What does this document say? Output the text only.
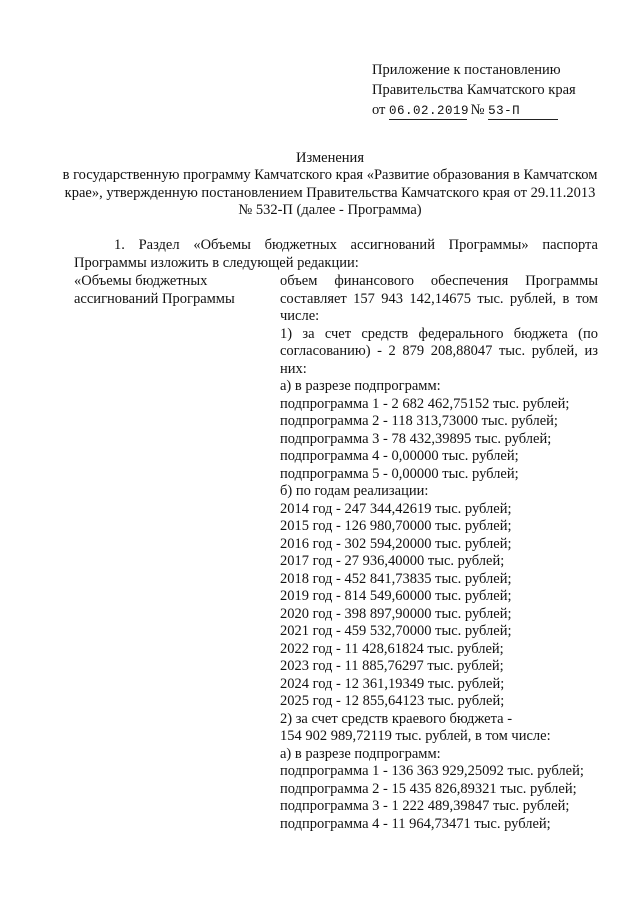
Приложение к постановлению
Правительства Камчатского края
от 06.02.2019 № 53-П
Изменения
в государственную программу Камчатского края «Развитие образования в Камчатском крае», утвержденную постановлением Правительства Камчатского края от 29.11.2013 № 532-П (далее - Программа)
1. Раздел «Объемы бюджетных ассигнований Программы» паспорта Программы изложить в следующей редакции:
«Объемы бюджетных ассигнований Программы

объем финансового обеспечения Программы составляет 157 943 142,14675 тыс. рублей, в том числе:

1) за счет средств федерального бюджета (по согласованию) - 2 879 208,88047 тыс. рублей, из них:

а) в разрезе подпрограмм:

подпрограмма 1 - 2 682 462,75152 тыс. рублей;

подпрограмма 2 - 118 313,73000 тыс. рублей;

подпрограмма 3 - 78 432,39895 тыс. рублей;

подпрограмма 4 - 0,00000 тыс. рублей;

подпрограмма 5 - 0,00000 тыс. рублей;

б) по годам реализации:

2014 год - 247 344,42619 тыс. рублей;

2015 год - 126 980,70000 тыс. рублей;

2016 год - 302 594,20000 тыс. рублей;

2017 год - 27 936,40000 тыс. рублей;

2018 год - 452 841,73835 тыс. рублей;

2019 год - 814 549,60000 тыс. рублей;

2020 год - 398 897,90000 тыс. рублей;

2021 год - 459 532,70000 тыс. рублей;

2022 год - 11 428,61824 тыс. рублей;

2023 год - 11 885,76297 тыс. рублей;

2024 год - 12 361,19349 тыс. рублей;

2025 год - 12 855,64123 тыс. рублей;

2) за счет средств краевого бюджета -

154 902 989,72119 тыс. рублей, в том числе:

а) в разрезе подпрограмм:

подпрограмма 1 - 136 363 929,25092 тыс. рублей;

подпрограмма 2 - 15 435 826,89321 тыс. рублей;

подпрограмма 3 - 1 222 489,39847 тыс. рублей;

подпрограмма 4 - 11 964,73471 тыс. рублей;
